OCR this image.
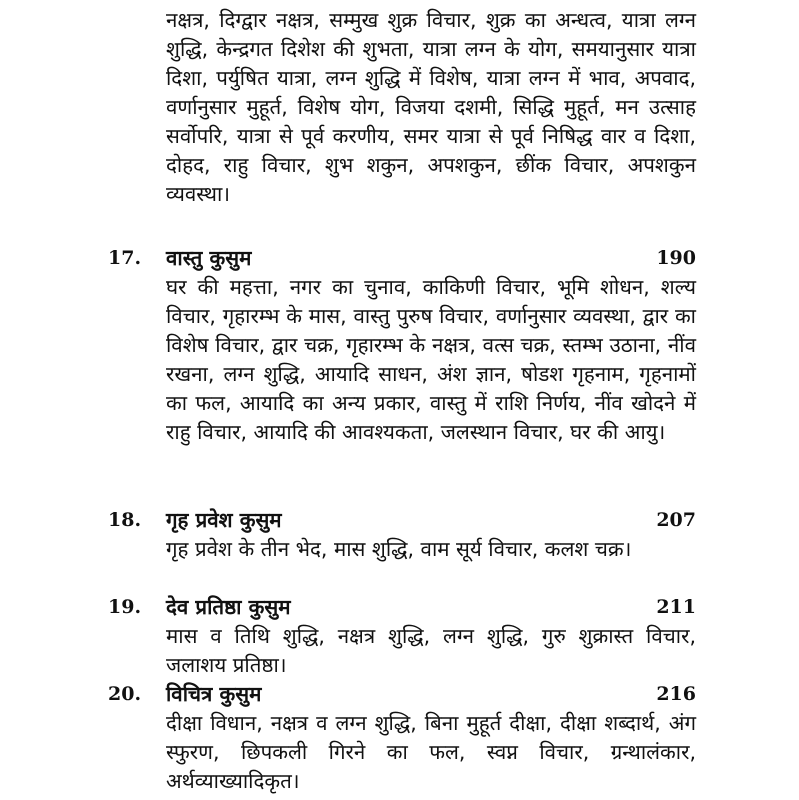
नक्षत्र, दिग्द्वार नक्षत्र, सम्मुख शुक्र विचार, शुक्र का अन्धत्व, यात्रा लग्न शुद्धि, केन्द्रगत दिशेश की शुभता, यात्रा लग्न के योग, समयानुसार यात्रा दिशा, पर्युषित यात्रा, लग्न शुद्धि में विशेष, यात्रा लग्न में भाव, अपवाद, वर्णानुसार मुहूर्त, विशेष योग, विजया दशमी, सिद्धि मुहूर्त, मन उत्साह सर्वोपरि, यात्रा से पूर्व करणीय, समर यात्रा से पूर्व निषिद्ध वार व दिशा, दोहद, राहु विचार, शुभ शकुन, अपशकुन, छींक विचार, अपशकुन व्यवस्था।
17. वास्तु कुसुम	190
घर की महत्ता, नगर का चुनाव, काकिणी विचार, भूमि शोधन, शल्य विचार, गृहारम्भ के मास, वास्तु पुरुष विचार, वर्णानुसार व्यवस्था, द्वार का विशेष विचार, द्वार चक्र, गृहारम्भ के नक्षत्र, वत्स चक्र, स्तम्भ उठाना, नींव रखना, लग्न शुद्धि, आयादि साधन, अंश ज्ञान, षोडश गृहनाम, गृहनामों का फल, आयादि का अन्य प्रकार, वास्तु में राशि निर्णय, नींव खोदने में राहु विचार, आयादि की आवश्यकता, जलस्थान विचार, घर की आयु।
18. गृह प्रवेश कुसुम	207
गृह प्रवेश के तीन भेद, मास शुद्धि, वाम सूर्य विचार, कलश चक्र।
19. देव प्रतिष्ठा कुसुम	211
मास व तिथि शुद्धि, नक्षत्र शुद्धि, लग्न शुद्धि, गुरु शुक्रास्त विचार, जलाशय प्रतिष्ठा।
20. विचित्र कुसुम	216
दीक्षा विधान, नक्षत्र व लग्न शुद्धि, बिना मुहूर्त दीक्षा, दीक्षा शब्दार्थ, अंग स्फुरण, छिपकली गिरने का फल, स्वप्न विचार, ग्रन्थालंकार, अर्थव्याख्यादिकृत।
